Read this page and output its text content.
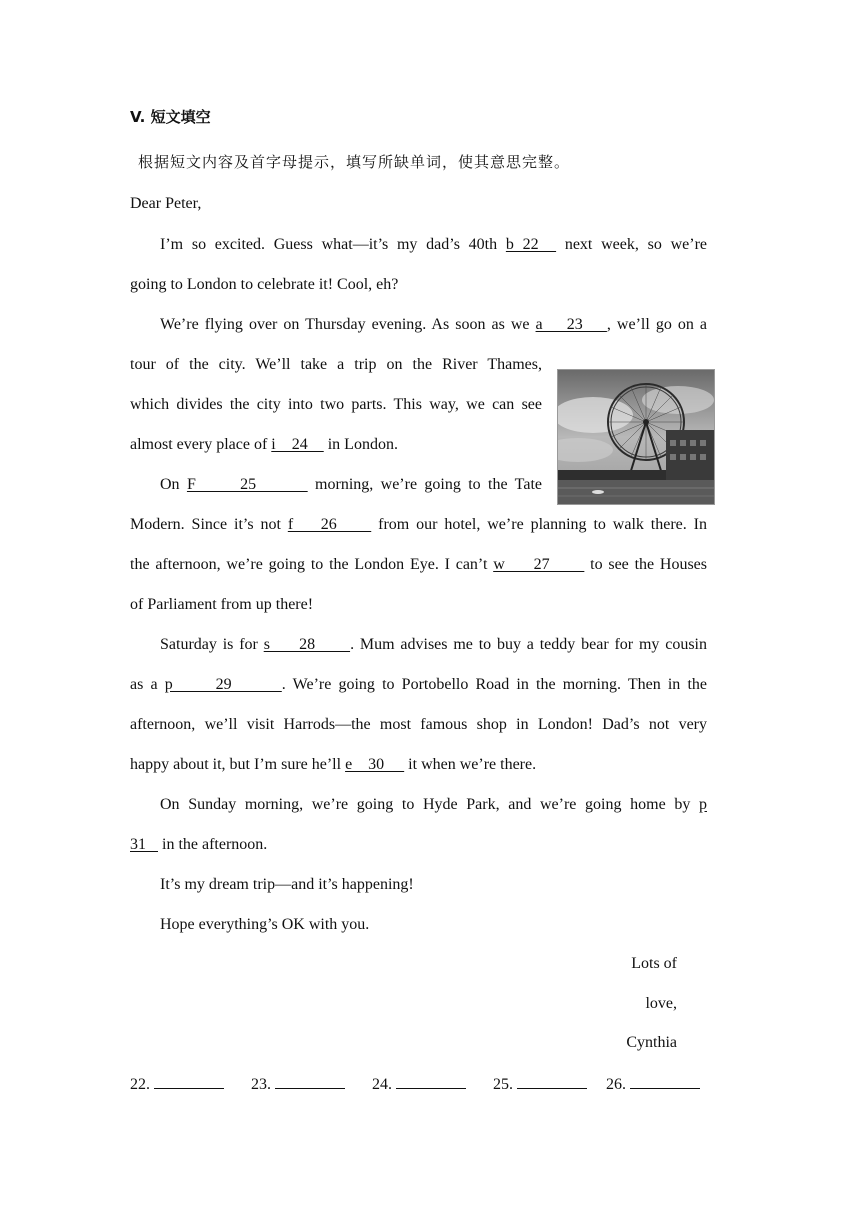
V. 短文填空
根据短文内容及首字母提示，填写所缺单词，使其意思完整。
Dear Peter,
I’m so excited. Guess what—it’s my dad’s 40th b 22   next week, so we’re
going to London to celebrate it! Cool, eh?
We’re flying over on Thursday evening. As soon as we a    23    , we’ll go on a
tour of the city. We’ll take a trip on the River Thames,
which divides the city into two parts. This way, we can see
almost every place of i    24     in London.
On F      25        morning, we’re going to the Tate
Modern. Since it’s not f    26      from our hotel, we’re planning to walk there. In
the afternoon, we’re going to the London Eye. I can’t w     27       to see the Houses
of Parliament from up there!
Saturday is for s     28      . Mum advises me to buy a teddy bear for my cousin
as a p      29       . We’re going to Portobello Road in the morning. Then in the
afternoon, we’ll visit Harrods—the most famous shop in London! Dad’s not very
happy about it, but I’m sure he’ll e    30      it when we’re there.
On Sunday morning, we’re going to Hyde Park, and we’re going home by p
31    in the afternoon.
It’s my dream trip—and it’s happening!
Hope everything’s OK with you.
Lots of
love,
Cynthia
22.	23.	24.	25.	26.
